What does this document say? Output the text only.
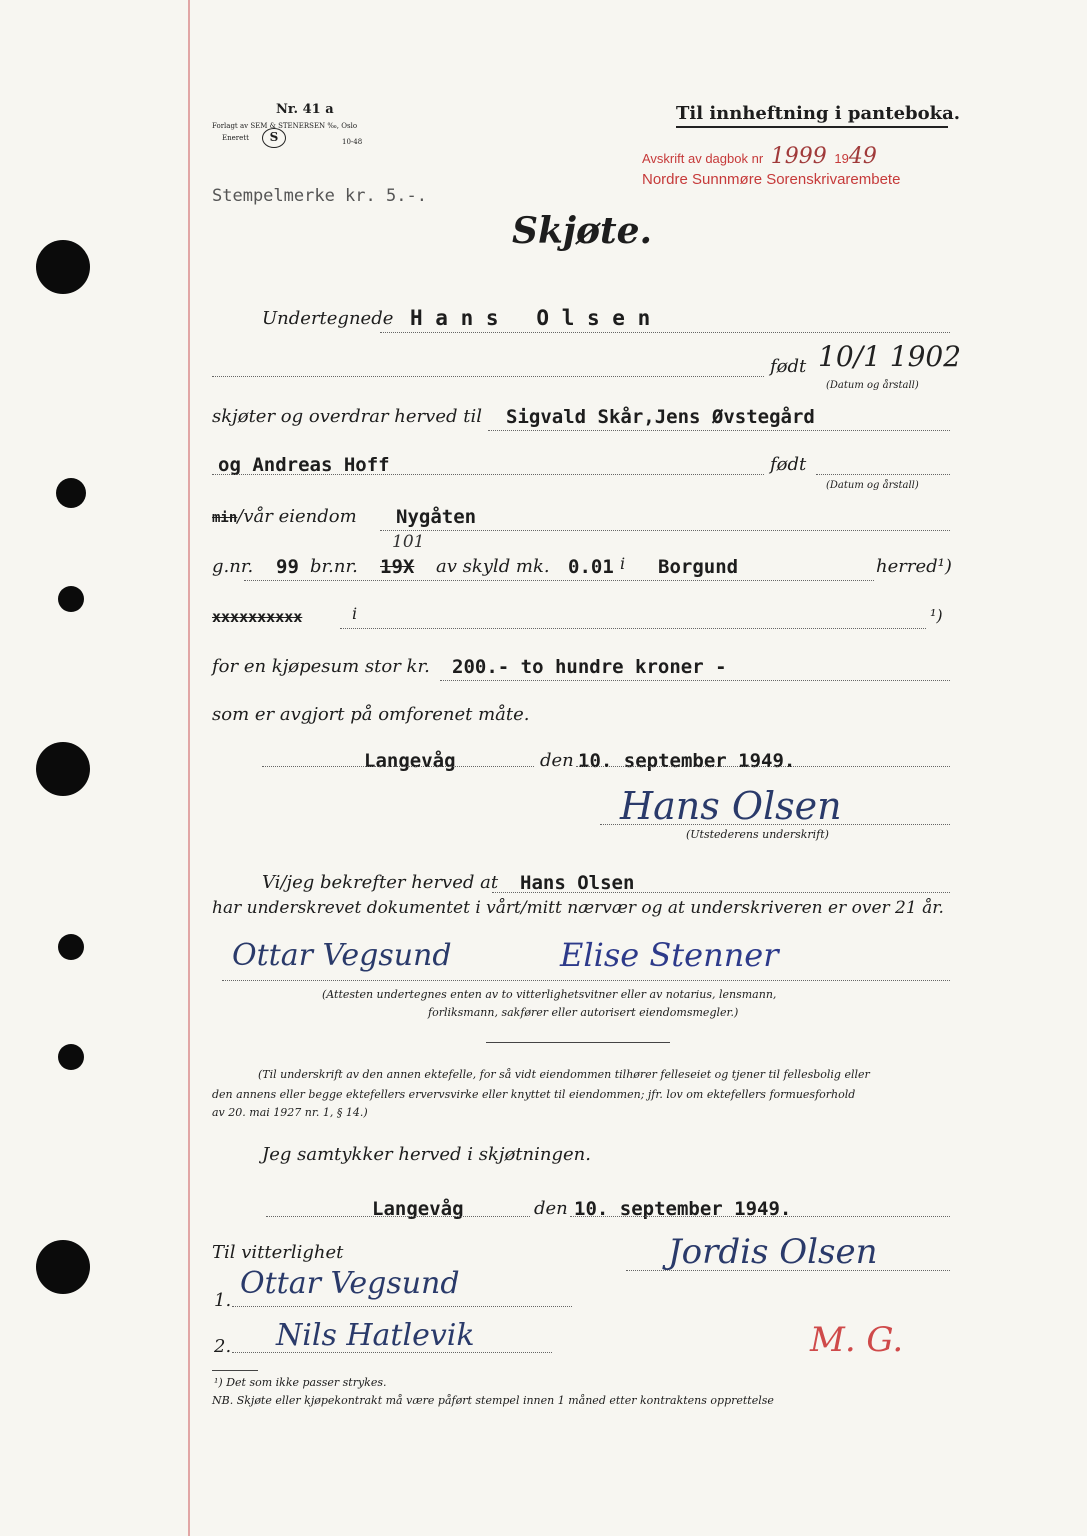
Nr. 41 a
Forlagt av SEM & STENERSEN ‰, Oslo
Enerett	S	10-48
Til innheftning i panteboka.
Avskrift av dagbok nr 1999 1949
Nordre Sunnmøre Sorenskrivarembete
Stempelmerke kr. 5.-.
Skjøte.
Undertegnede H a n s   O l s e n
født 10/1 1902
(Datum og årstall)
skjøter og overdrar herved til Sigvald Skår,Jens Øvstegård
og Andreas Hoff	født
(Datum og årstall)
min/vår eiendom Nygåten
g.nr. 99 br.nr. 19X
101
av skyld mk. 0.01 i Borgund	herred¹)
xxxxxxxxxx	i	¹)
for en kjøpesum stor kr. 200.- to hundre kroner -
som er avgjort på omforenet måte.
Langevåg	den 10. september 1949.
Hans Olsen
(Utstederens underskrift)
Vi/jeg bekrefter herved at Hans Olsen
har underskrevet dokumentet i vårt/mitt nærvær og at underskriveren er over 21 år.
Ottar Vegsund	Elise Stenner
(Attesten undertegnes enten av to vitterlighetsvitner eller av notarius, lensmann,
forliksmann, sakfører eller autorisert eiendomsmegler.)
(Til underskrift av den annen ektefelle, for så vidt eiendommen tilhører felleseiet og tjener til fellesbolig eller
den annens eller begge ektefellers ervervsvirke eller knyttet til eiendommen; jfr. lov om ektefellers formuesforhold
av 20. mai 1927 nr. 1, § 14.)
Jeg samtykker herved i skjøtningen.
Langevåg	den 10. september 1949.
Til vitterlighet
1. Ottar Vegsund
2. Nils Hatlevik
Jordis Olsen
M. G.
¹) Det som ikke passer strykes.
NB. Skjøte eller kjøpekontrakt må være påført stempel innen 1 måned etter kontraktens opprettelse
